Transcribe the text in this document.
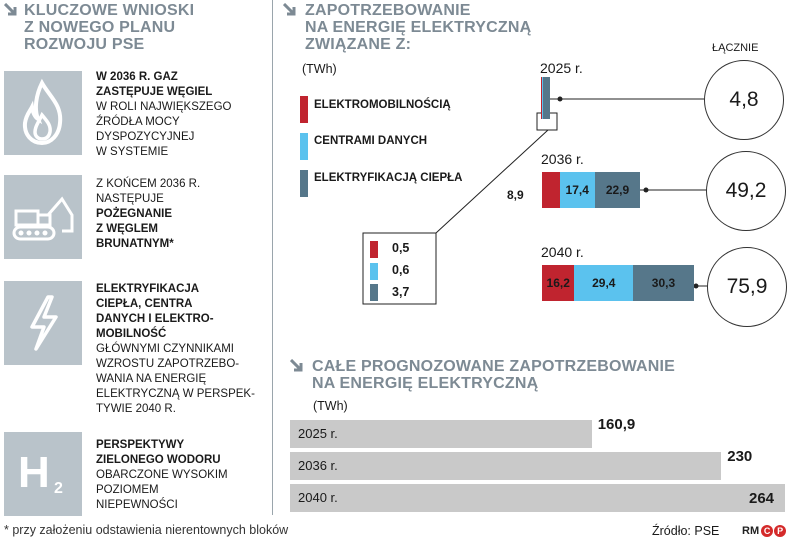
KLUCZOWE WNIOSKI
Z NOWEGO PLANU
ROZWOJU PSE
W 2036 R. GAZ
ZASTĘPUJE WĘGIEL
W ROLI NAJWIĘKSZEGO
ŹRÓDŁA MOCY
DYSPOZYCYJNEJ
W SYSTEMIE
Z KOŃCEM 2036 R.
NASTĘPUJE
POŻEGNANIE
Z WĘGLEM
BRUNATNYM*
ELEKTRYFIKACJA
CIEPŁA, CENTRA
DANYCH I ELEKTRO-
MOBILNOŚĆ
GŁÓWNYMI CZYNNIKAMI
WZROSTU ZAPOTRZEBO-
WANIA NA ENERGIĘ
ELEKTRYCZNĄ W PERSPEK-
TYWIE 2040 R.
H 2
PERSPEKTYWY
ZIELONEGO WODORU
OBARCZONE WYSOKIM
POZIOMEM
NIEPEWNOŚCI
ZAPOTRZEBOWANIE
NA ENERGIĘ ELEKTRYCZNĄ
ZWIĄZANE Z:
(TWh)
ŁĄCZNIE
ELEKTROMOBILNOŚCIĄ
CENTRAMI DANYCH
ELEKTRYFIKACJĄ CIEPŁA
2025 r.
2036 r.
2040 r.
0,5
0,6
3,7
17,4	22,9
16,2	29,4	30,3
8,9
4,8
49,2
75,9
CAŁE PROGNOZOWANE ZAPOTRZEBOWANIE
NA ENERGIĘ ELEKTRYCZNĄ
(TWh)
2025 r.
160,9
2036 r.
230
2040 r.	264
* przy założeniu odstawienia nierentownych bloków	Źródło: PSE RM C P
